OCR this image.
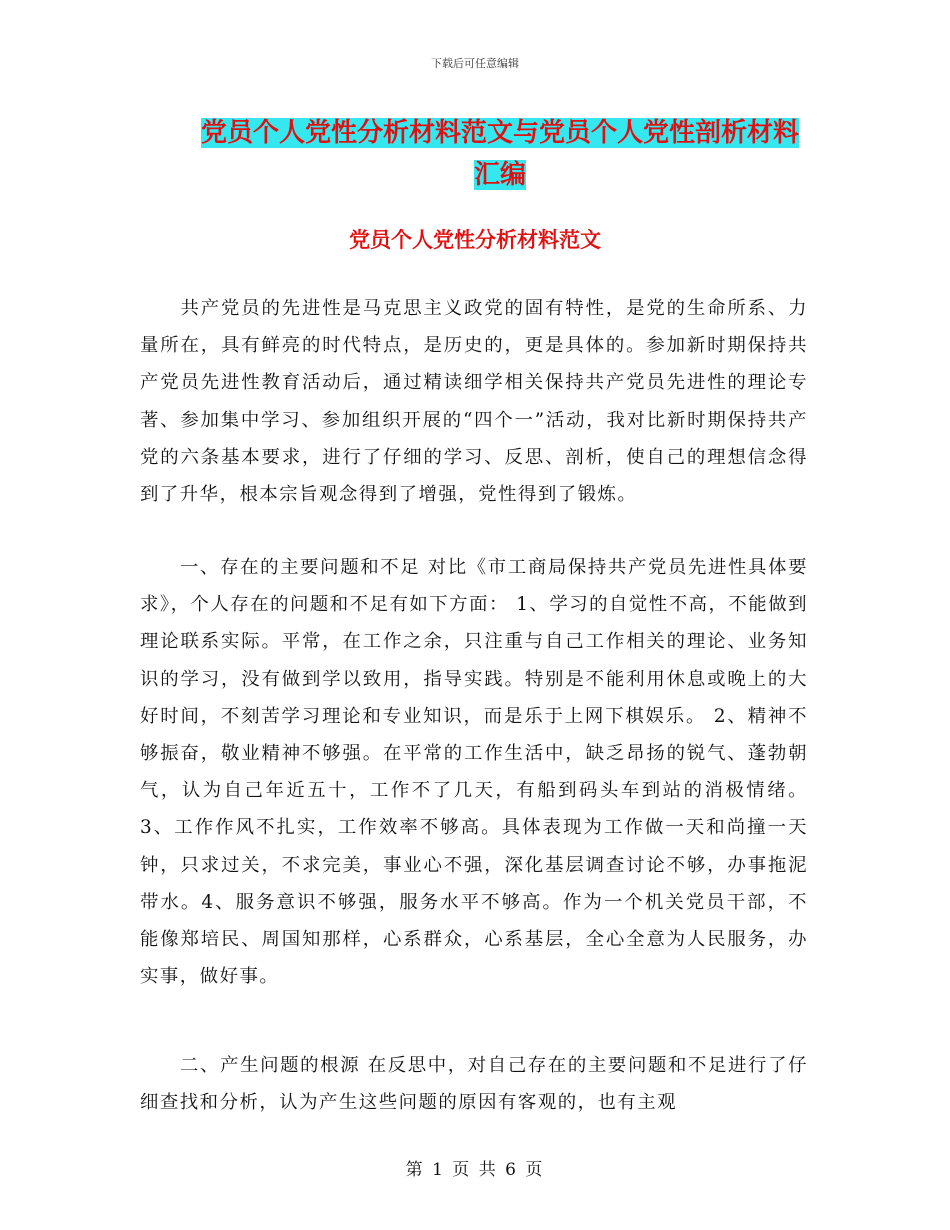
下载后可任意编辑
党员个人党性分析材料范文与党员个人党性剖析材料
汇编
党员个人党性分析材料范文

　　共产党员的先进性是马克思主义政党的固有特性，是党的生命所系、力量所在，具有鲜亮的时代特点，是历史的，更是具体的。参加新时期保持共产党员先进性教育活动后，通过精读细学相关保持共产党员先进性的理论专著、参加集中学习、参加组织开展的“四个一”活动，我对比新时期保持共产党的六条基本要求，进行了仔细的学习、反思、剖析，使自己的理想信念得到了升华，根本宗旨观念得到了增强，党性得到了锻炼。

　　一、存在的主要问题和不足 对比《市工商局保持共产党员先进性具体要求》，个人存在的问题和不足有如下方面： 1、学习的自觉性不高，不能做到理论联系实际。平常，在工作之余，只注重与自己工作相关的理论、业务知识的学习，没有做到学以致用，指导实践。特别是不能利用休息或晚上的大好时间，不刻苦学习理论和专业知识，而是乐于上网下棋娱乐。 2、精神不够振奋，敬业精神不够强。在平常的工作生活中，缺乏昂扬的锐气、蓬勃朝气，认为自己年近五十，工作不了几天，有船到码头车到站的消极情绪。 3、工作作风不扎实，工作效率不够高。具体表现为工作做一天和尚撞一天钟，只求过关，不求完美，事业心不强，深化基层调查讨论不够，办事拖泥带水。4、服务意识不够强，服务水平不够高。作为一个机关党员干部，不能像郑培民、周国知那样，心系群众，心系基层，全心全意为人民服务，办实事，做好事。

　　二、产生问题的根源 在反思中，对自己存在的主要问题和不足进行了仔细查找和分析，认为产生这些问题的原因有客观的，也有主观

第 1 页 共 6 页
